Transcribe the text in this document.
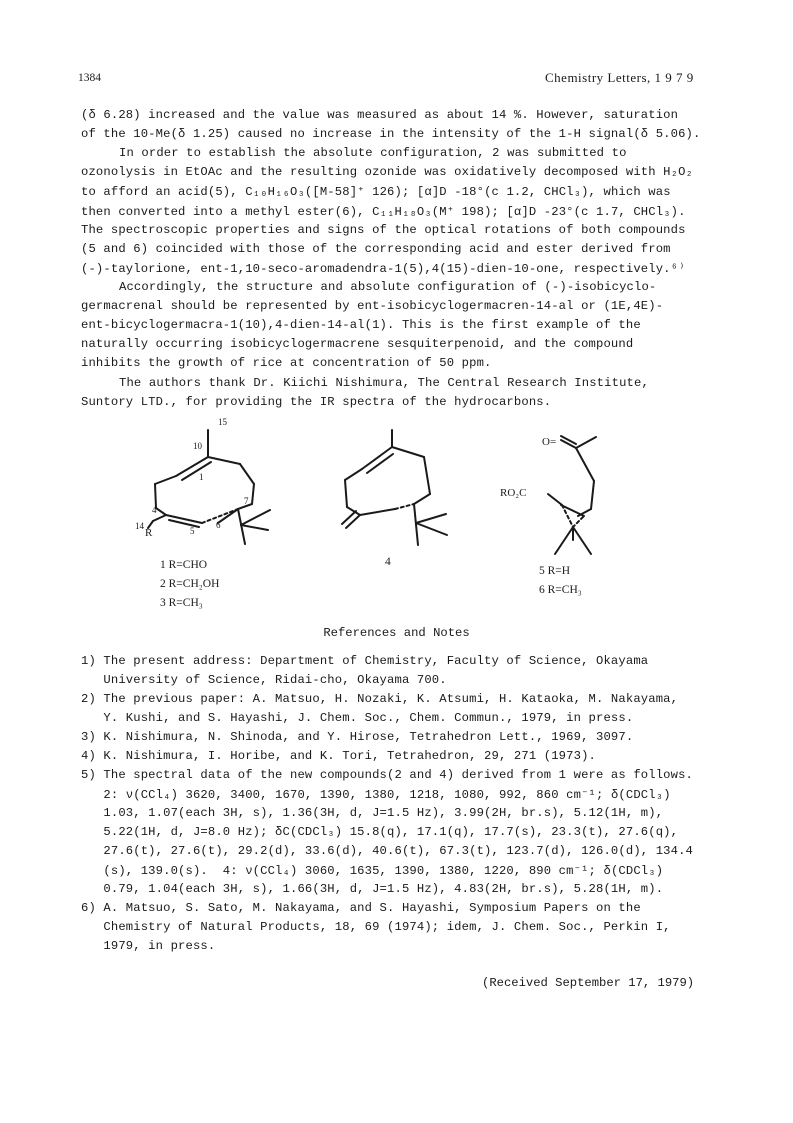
1384	Chemistry Letters, 1 9 7 9
(δ 6.28) increased and the value was measured as about 14 %. However, saturation
of the 10-Me(δ 1.25) caused no increase in the intensity of the 1-H signal(δ 5.06).
In order to establish the absolute configuration, 2 was submitted to
ozonolysis in EtOAc and the resulting ozonide was oxidatively decomposed with H₂O₂
to afford an acid(5), C₁₀H₁₆O₃([M-58]⁺ 126); [α]D -18°(c 1.2, CHCl₃), which was
then converted into a methyl ester(6), C₁₁H₁₈O₃(M⁺ 198); [α]D -23°(c 1.7, CHCl₃).
The spectroscopic properties and signs of the optical rotations of both compounds
(5 and 6) coincided with those of the corresponding acid and ester derived from
(-)-taylorione, ent-1,10-seco-aromadendra-1(5),4(15)-dien-10-one, respectively.⁶⁾
Accordingly, the structure and absolute configuration of (-)-isobicyclo-
germacrenal should be represented by ent-isobicyclogermacren-14-al or (1E,4E)-
ent-bicyclogermacra-1(10),4-dien-14-al(1). This is the first example of the
naturally occurring isobicyclogermacrene sesquiterpenoid, and the compound
inhibits the growth of rice at concentration of 50 ppm.
The authors thank Dr. Kiichi Nishimura, The Central Research Institute,
Suntory LTD., for providing the IR spectra of the hydrocarbons.
15
10
1
7
4
14
R	5
6
O=
RO₂C
1 R=CHO
2 R=CH₂OH
3 R=CH₃
4
5 R=H
6 R=CH₃
References and Notes
1) The present address: Department of Chemistry, Faculty of Science, Okayama
University of Science, Ridai-cho, Okayama 700.
2) The previous paper: A. Matsuo, H. Nozaki, K. Atsumi, H. Kataoka, M. Nakayama,
Y. Kushi, and S. Hayashi, J. Chem. Soc., Chem. Commun., 1979, in press.
3) K. Nishimura, N. Shinoda, and Y. Hirose, Tetrahedron Lett., 1969, 3097.
4) K. Nishimura, I. Horibe, and K. Tori, Tetrahedron, 29, 271 (1973).
5) The spectral data of the new compounds(2 and 4) derived from 1 were as follows.
2: ν(CCl₄) 3620, 3400, 1670, 1390, 1380, 1218, 1080, 992, 860 cm⁻¹; δ(CDCl₃)
1.03, 1.07(each 3H, s), 1.36(3H, d, J=1.5 Hz), 3.99(2H, br.s), 5.12(1H, m),
5.22(1H, d, J=8.0 Hz); δC(CDCl₃) 15.8(q), 17.1(q), 17.7(s), 23.3(t), 27.6(q),
27.6(t), 27.6(t), 29.2(d), 33.6(d), 40.6(t), 67.3(t), 123.7(d), 126.0(d), 134.4
(s), 139.0(s).  4: ν(CCl₄) 3060, 1635, 1390, 1380, 1220, 890 cm⁻¹; δ(CDCl₃)
0.79, 1.04(each 3H, s), 1.66(3H, d, J=1.5 Hz), 4.83(2H, br.s), 5.28(1H, m).
6) A. Matsuo, S. Sato, M. Nakayama, and S. Hayashi, Symposium Papers on the
Chemistry of Natural Products, 18, 69 (1974); idem, J. Chem. Soc., Perkin I,
1979, in press.
(Received September 17, 1979)
